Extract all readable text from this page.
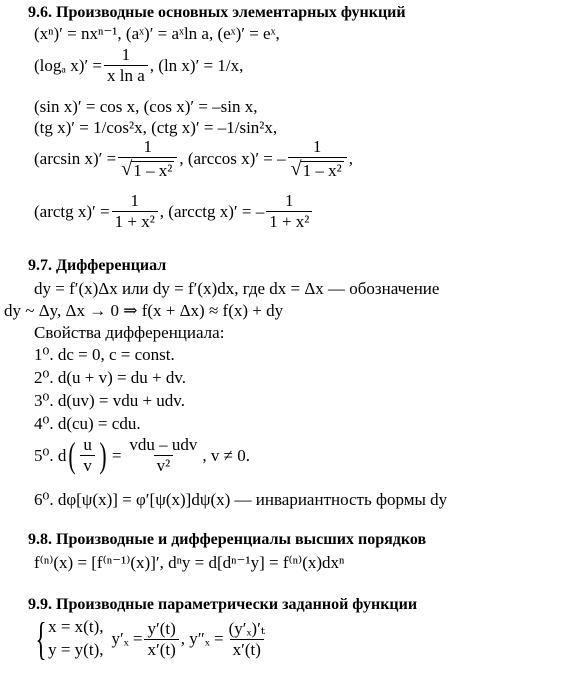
9.6. Производные основных элементарных функций
(xⁿ)′ = nxⁿ⁻¹, (aˣ)′ = aˣln a, (eˣ)′ = eˣ,
(logₐ $x)' = \frac{1}{\text{x ln a}}$ , (ln x)′ = 1/x,
(sin x)′ = cos x, (cos x)′ = –sin x,
(tg x)′ = 1/cos²x, (ctg x)′ = –1/sin²x,
(arcsin $x)' = \frac{1}{\text{√ 1 – x²}}$ , (arccos x)′ = – $\frac{1}{\text{√ 1 – x²}}$ ,
(arctg $x)' = \frac{1}{\text{1 + x²}}$ , (arcctg x)′ = – $\frac{1}{\text{1 + x²}}$
9.7. Дифференциал
dy = f′(x)Δx или dy = f′(x)dx, где dx = Δx — обозначение
dy ~ Δy, Δx → 0 ⇒ f(x + Δx) ≈ f(x) + dy
Свойства дифференциала:
1⁰. dc = 0, c = const.
2⁰. d(u + v) = du + dv.
3⁰. d(uv) = vdu + udv.
4⁰. d(cu) = cdu.
5⁰. d ( $\frac{u}{v}$ ) = $\frac{\text{vdu – udv}}{\text{v²}}$ , v ≠ 0.
6⁰. dφ[ψ(x)] = φ′[ψ(x)]dψ(x) — инвариантность формы dy
9.8. Производные и дифференциалы высших порядков
f⁽ⁿ⁾(x) = [f⁽ⁿ⁻¹⁾(x)]′, dⁿy = d[dⁿ⁻¹y] = f⁽ⁿ⁾(x)dxⁿ
9.9. Производные параметрически заданной функции
{ x = x(t),
y = y(t),
$y'_x = \frac{y'(t)}{x'(t)}$ , $y''_x = \frac{\text{(y′ₓ)′ₜ}}{x'(t)}$
